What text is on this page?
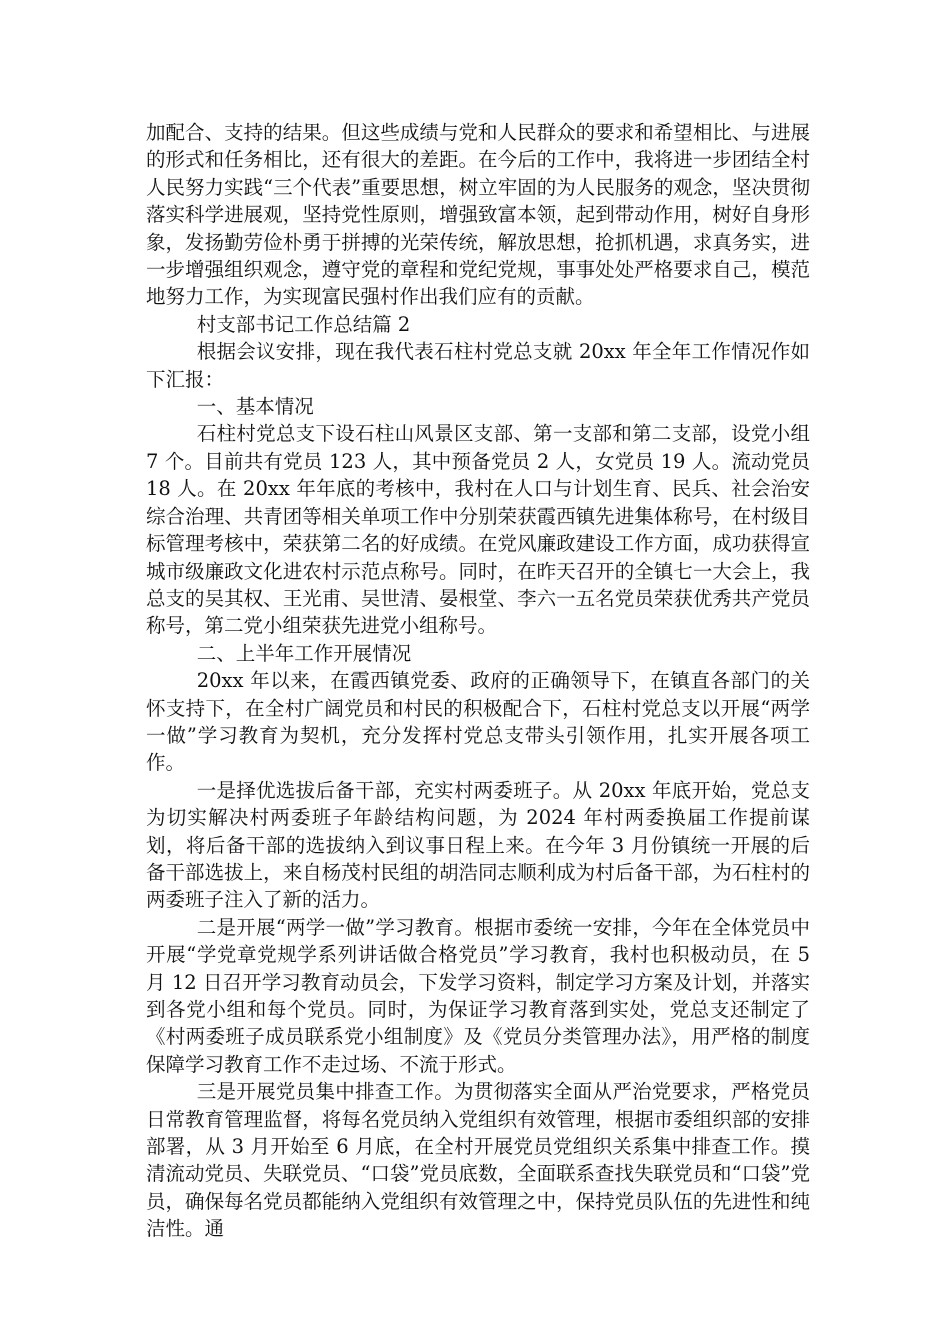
加配合、支持的结果。但这些成绩与党和人民群众的要求和希望相比、与进展的形式和任务相比，还有很大的差距。在今后的工作中，我将进一步团结全村人民努力实践“三个代表”重要思想，树立牢固的为人民服务的观念，坚决贯彻落实科学进展观，坚持党性原则，增强致富本领，起到带动作用，树好自身形象，发扬勤劳俭朴勇于拼搏的光荣传统，解放思想，抢抓机遇，求真务实，进一步增强组织观念，遵守党的章程和党纪党规，事事处处严格要求自己，模范地努力工作，为实现富民强村作出我们应有的贡献。

村支部书记工作总结篇 2

根据会议安排，现在我代表石柱村党总支就 20xx 年全年工作情况作如下汇报：

一、基本情况

石柱村党总支下设石柱山风景区支部、第一支部和第二支部，设党小组 7 个。目前共有党员 123 人，其中预备党员 2 人，女党员 19 人。流动党员 18 人。在 20xx 年年底的考核中，我村在人口与计划生育、民兵、社会治安综合治理、共青团等相关单项工作中分别荣获霞西镇先进集体称号，在村级目标管理考核中，荣获第二名的好成绩。在党风廉政建设工作方面，成功获得宣城市级廉政文化进农村示范点称号。同时，在昨天召开的全镇七一大会上，我总支的吴其权、王光甫、吴世清、晏根堂、李六一五名党员荣获优秀共产党员称号，第二党小组荣获先进党小组称号。

二、上半年工作开展情况

20xx 年以来，在霞西镇党委、政府的正确领导下，在镇直各部门的关怀支持下，在全村广阔党员和村民的积极配合下，石柱村党总支以开展“两学一做”学习教育为契机，充分发挥村党总支带头引领作用，扎实开展各项工作。

一是择优选拔后备干部，充实村两委班子。从 20xx 年底开始，党总支为切实解决村两委班子年龄结构问题，为 2024 年村两委换届工作提前谋划，将后备干部的选拔纳入到议事日程上来。在今年 3 月份镇统一开展的后备干部选拔上，来自杨茂村民组的胡浩同志顺利成为村后备干部，为石柱村的两委班子注入了新的活力。

二是开展“两学一做”学习教育。根据市委统一安排，今年在全体党员中开展“学党章党规学系列讲话做合格党员”学习教育，我村也积极动员，在 5 月 12 日召开学习教育动员会，下发学习资料，制定学习方案及计划，并落实到各党小组和每个党员。同时，为保证学习教育落到实处，党总支还制定了《村两委班子成员联系党小组制度》及《党员分类管理办法》，用严格的制度保障学习教育工作不走过场、不流于形式。

三是开展党员集中排查工作。为贯彻落实全面从严治党要求，严格党员日常教育管理监督，将每名党员纳入党组织有效管理，根据市委组织部的安排部署，从 3 月开始至 6 月底，在全村开展党员党组织关系集中排查工作。摸清流动党员、失联党员、“口袋”党员底数，全面联系查找失联党员和“口袋”党员，确保每名党员都能纳入党组织有效管理之中，保持党员队伍的先进性和纯洁性。通
